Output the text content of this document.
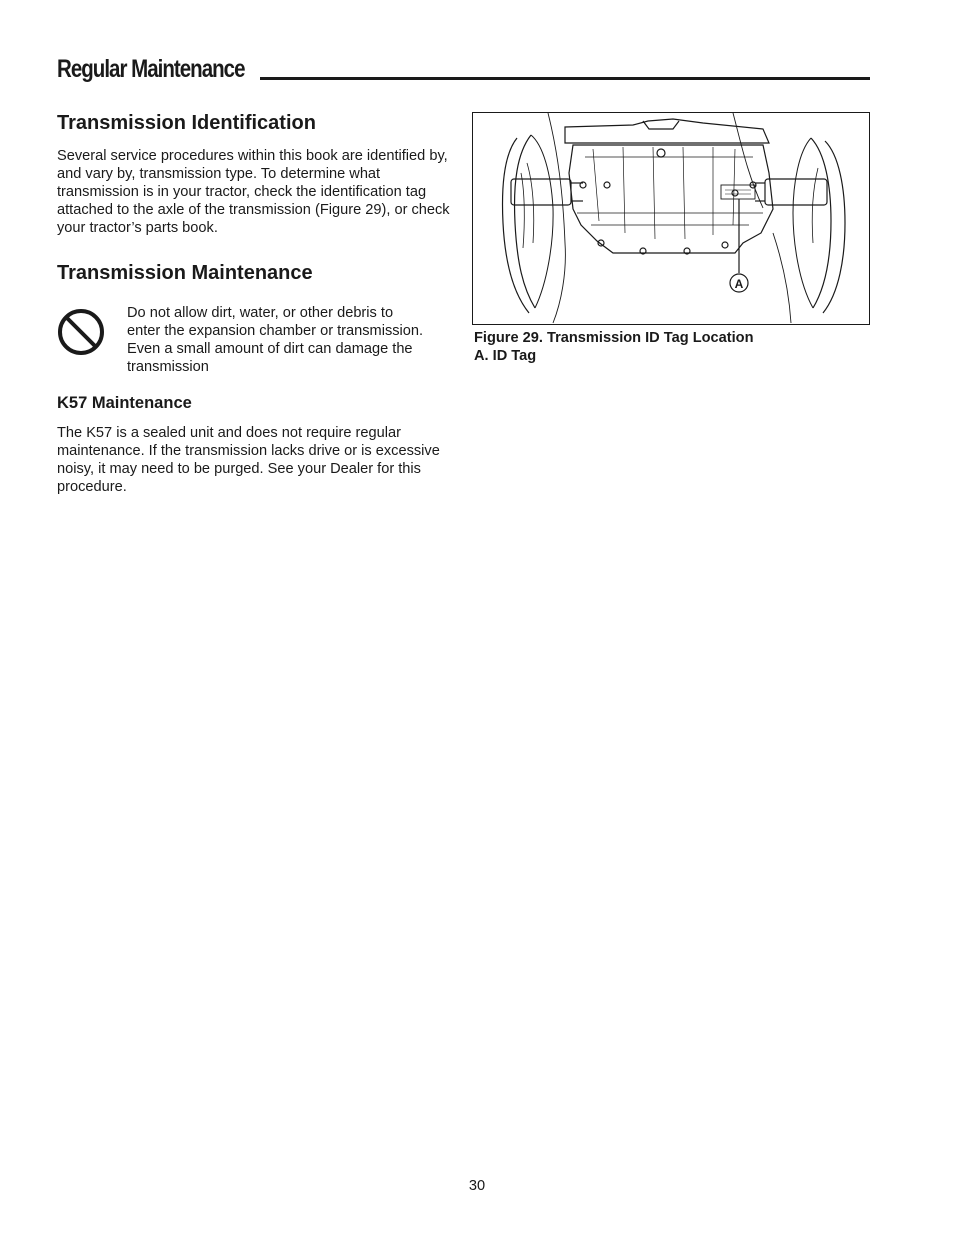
Regular Maintenance
Transmission Identification

Several service procedures within this book are identified by, and vary by, transmission type. To determine what transmission is in your tractor, check the identification tag attached to the axle of the transmission (Figure 29), or check your tractor’s parts book.

Transmission Maintenance

Do not allow dirt, water, or other debris to enter the expansion chamber or transmission. Even a small amount of dirt can damage the transmission

K57 Maintenance

The K57 is a sealed unit and does not require regular maintenance. If the transmission lacks drive or is excessive noisy, it may need to be purged. See your Dealer for this procedure.

A
Figure 29. Transmission ID Tag Location
A. ID Tag
30
